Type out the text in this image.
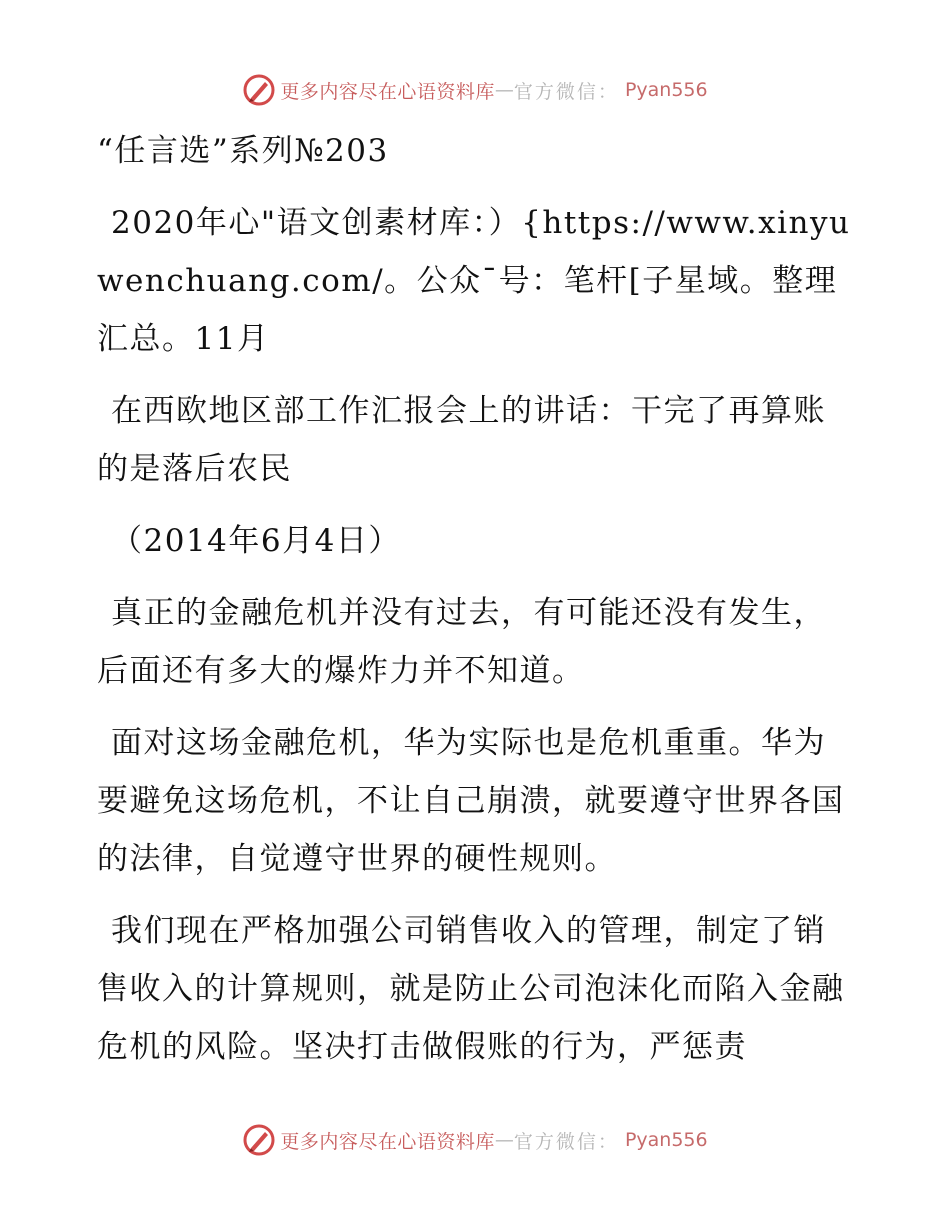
更多内容尽在心语资料库 — 官方微信： Pyan556

“任言选”系列№203

2020年心"语文创素材库：）{https://www.xinyuwenchuang.com/。公众¯号：笔杆[子星域。整理汇总。11月

在西欧地区部工作汇报会上的讲话：干完了再算账的是落后农民

（2014年6月4日）

真正的金融危机并没有过去，有可能还没有发生，后面还有多大的爆炸力并不知道。

面对这场金融危机，华为实际也是危机重重。华为要避免这场危机，不让自己崩溃，就要遵守世界各国的法律，自觉遵守世界的硬性规则。

我们现在严格加强公司销售收入的管理，制定了销售收入的计算规则，就是防止公司泡沫化而陷入金融危机的风险。坚决打击做假账的行为，严惩责

更多内容尽在心语资料库 — 官方微信： Pyan556
